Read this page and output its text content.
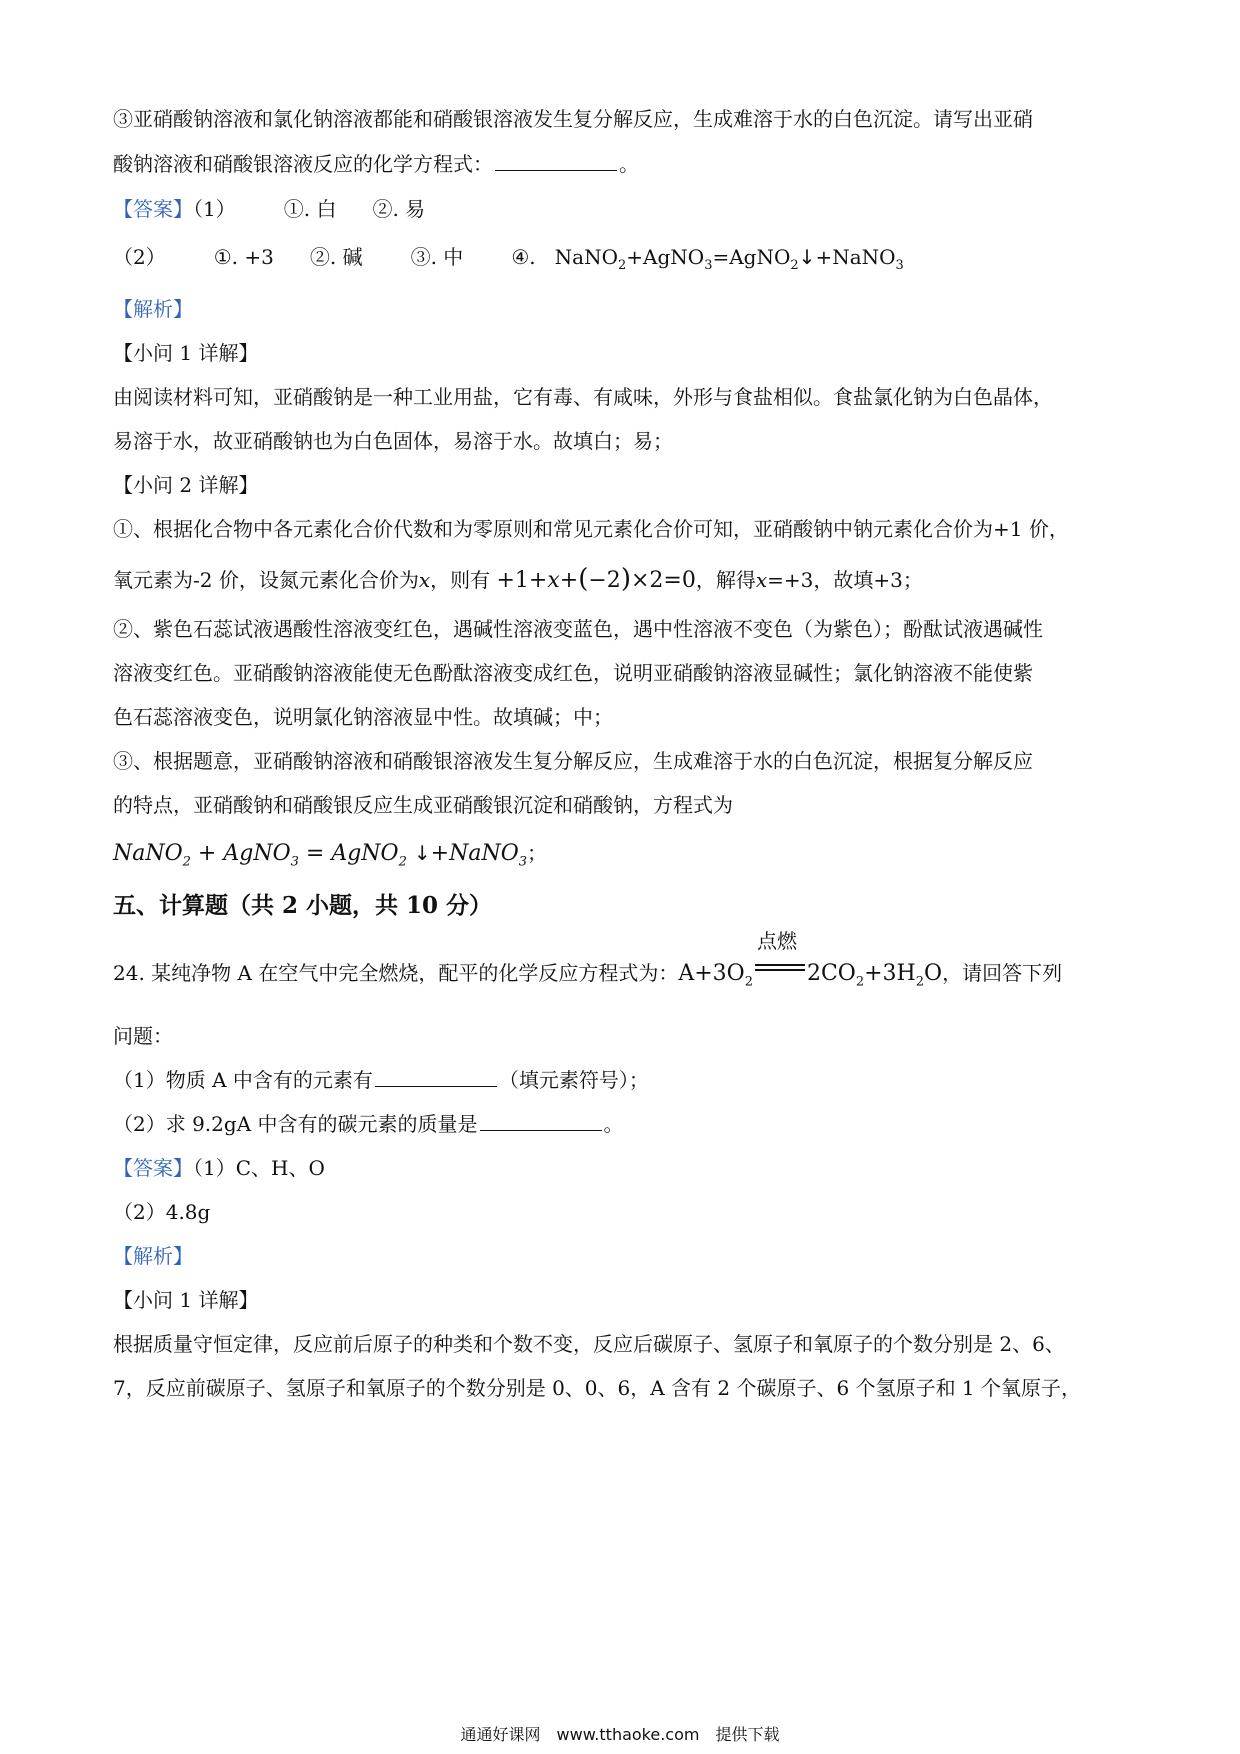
③亚硝酸钠溶液和氯化钠溶液都能和硝酸银溶液发生复分解反应，生成难溶于水的白色沉淀。请写出亚硝
酸钠溶液和硝酸银溶液反应的化学方程式：	。
【答案】（1） ①. 白 ②. 易
（2） ①. +3 ②. 碱 ③. 中 ④.   NaNO$_2$+AgNO$_3$=AgNO$_2$↓+NaNO$_3$
【解析】
【小问 1 详解】
由阅读材料可知，亚硝酸钠是一种工业用盐，它有毒、有咸味，外形与食盐相似。食盐氯化钠为白色晶体，
易溶于水，故亚硝酸钠也为白色固体，易溶于水。故填白；易；
【小问 2 详解】
①、根据化合物中各元素化合价代数和为零原则和常见元素化合价可知，亚硝酸钠中钠元素化合价为+1 价，
氧元素为-2 价，设氮元素化合价为x，则有 +1+x+(−2)×2=0，解得x=+3，故填+3；
②、紫色石蕊试液遇酸性溶液变红色，遇碱性溶液变蓝色，遇中性溶液不变色（为紫色）；酚酞试液遇碱性
溶液变红色。亚硝酸钠溶液能使无色酚酞溶液变成红色，说明亚硝酸钠溶液显碱性；氯化钠溶液不能使紫
色石蕊溶液变色，说明氯化钠溶液显中性。故填碱；中；
③、根据题意，亚硝酸钠溶液和硝酸银溶液发生复分解反应，生成难溶于水的白色沉淀，根据复分解反应
的特点，亚硝酸钠和硝酸银反应生成亚硝酸银沉淀和硝酸钠，方程式为
NaNO$_2$ + AgNO$_3$ = AgNO$_2$ ↓+NaNO$_3$；
五、计算题（共 2 小题，共 10 分）
24. 某纯净物 A 在空气中完全燃烧，配平的化学反应方程式为：$A+3O_2$
点燃
$2CO_2+3H_2O$，请回答下列
问题：
（1）物质 A 中含有的元素有	（填元素符号）；
（2）求 9.2gA 中含有的碳元素的质量是	。
【答案】（1）C、H、O
（2）4.8g
【解析】
【小问 1 详解】
根据质量守恒定律，反应前后原子的种类和个数不变，反应后碳原子、氢原子和氧原子的个数分别是 2、6、
7，反应前碳原子、氢原子和氧原子的个数分别是 0、0、6，A 含有 2 个碳原子、6 个氢原子和 1 个氧原子，
通通好课网　www.tthaoke.com　提供下载
